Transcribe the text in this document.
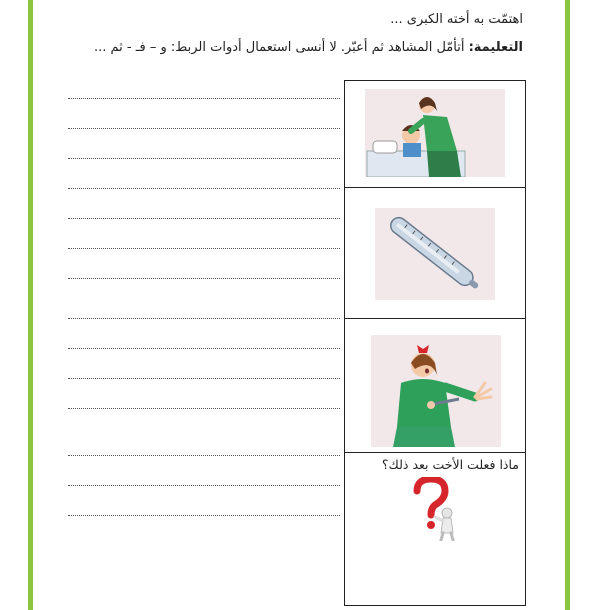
اهتمّت به أخته الكبرى ...
التعليمة: أتأمّل المشاهد ثم أعبّر. لا أنسى استعمال أدوات الربط: و – فـ - ثم ...
ماذا فعلت الأخت بعد ذلك؟
